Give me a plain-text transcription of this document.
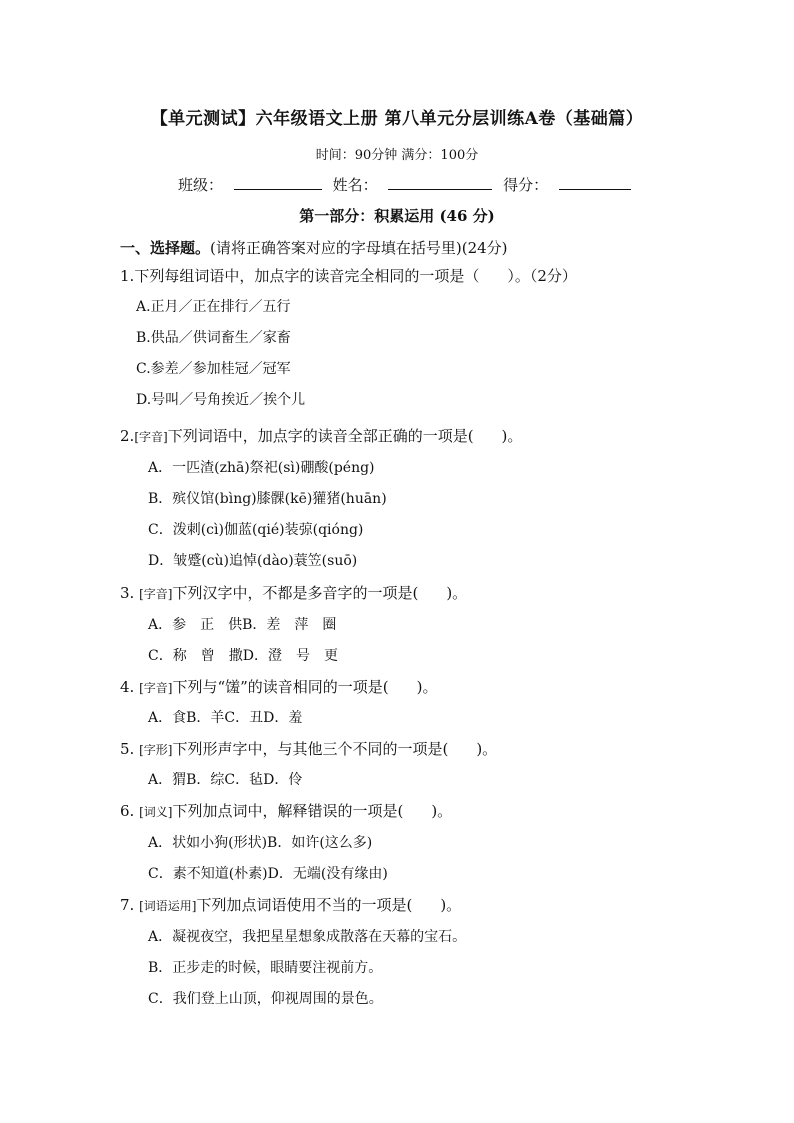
【单元测试】六年级语文上册 第八单元分层训练A卷（基础篇）
时间：90分钟 满分：100分
班级：	姓名：	得分：
第一部分：积累运用 (46 分)
一、选择题。(请将正确答案对应的字母填在括号里)(24分)
1.下列每组词语中，加点字的读音完全相同的一项是（ ）。（2分）
A.正月／正在排行／五行
B.供品／供词畜生／家畜
C.参差／参加桂冠／冠军
D.号叫／号角挨近／挨个儿
2.[字音]下列词语中，加点字的读音全部正确的一项是( )。
A．一匹渣(zhā)祭祀(sì)硼酸(péng)
B．殡仪馆(bìng)膝髁(kē)獾猪(huān)
C．泼刺(cì)伽蓝(qié)装弶(qióng)
D．皱蹙(cù)追悼(dào)蓑笠(suō)
3. [字音]下列汉字中，不都是多音字的一项是( )。
A．参　正　供B．差　萍　圈
C．称　曾　撒D．澄　号　更
4. [字音]下列与“馐”的读音相同的一项是( )。
A．食B．羊C．丑D．羞
5. [字形]下列形声字中，与其他三个不同的一项是( )。
A．猬B．综C．毡D．伶
6. [词义]下列加点词中，解释错误的一项是( )。
A．状如小狗(形状)B．如许(这么多)
C．素不知道(朴素)D．无端(没有缘由)
7. [词语运用]下列加点词语使用不当的一项是( )。
A．凝视夜空，我把星星想象成散落在天幕的宝石。
B．正步走的时候，眼睛要注视前方。
C．我们登上山顶，仰视周围的景色。
